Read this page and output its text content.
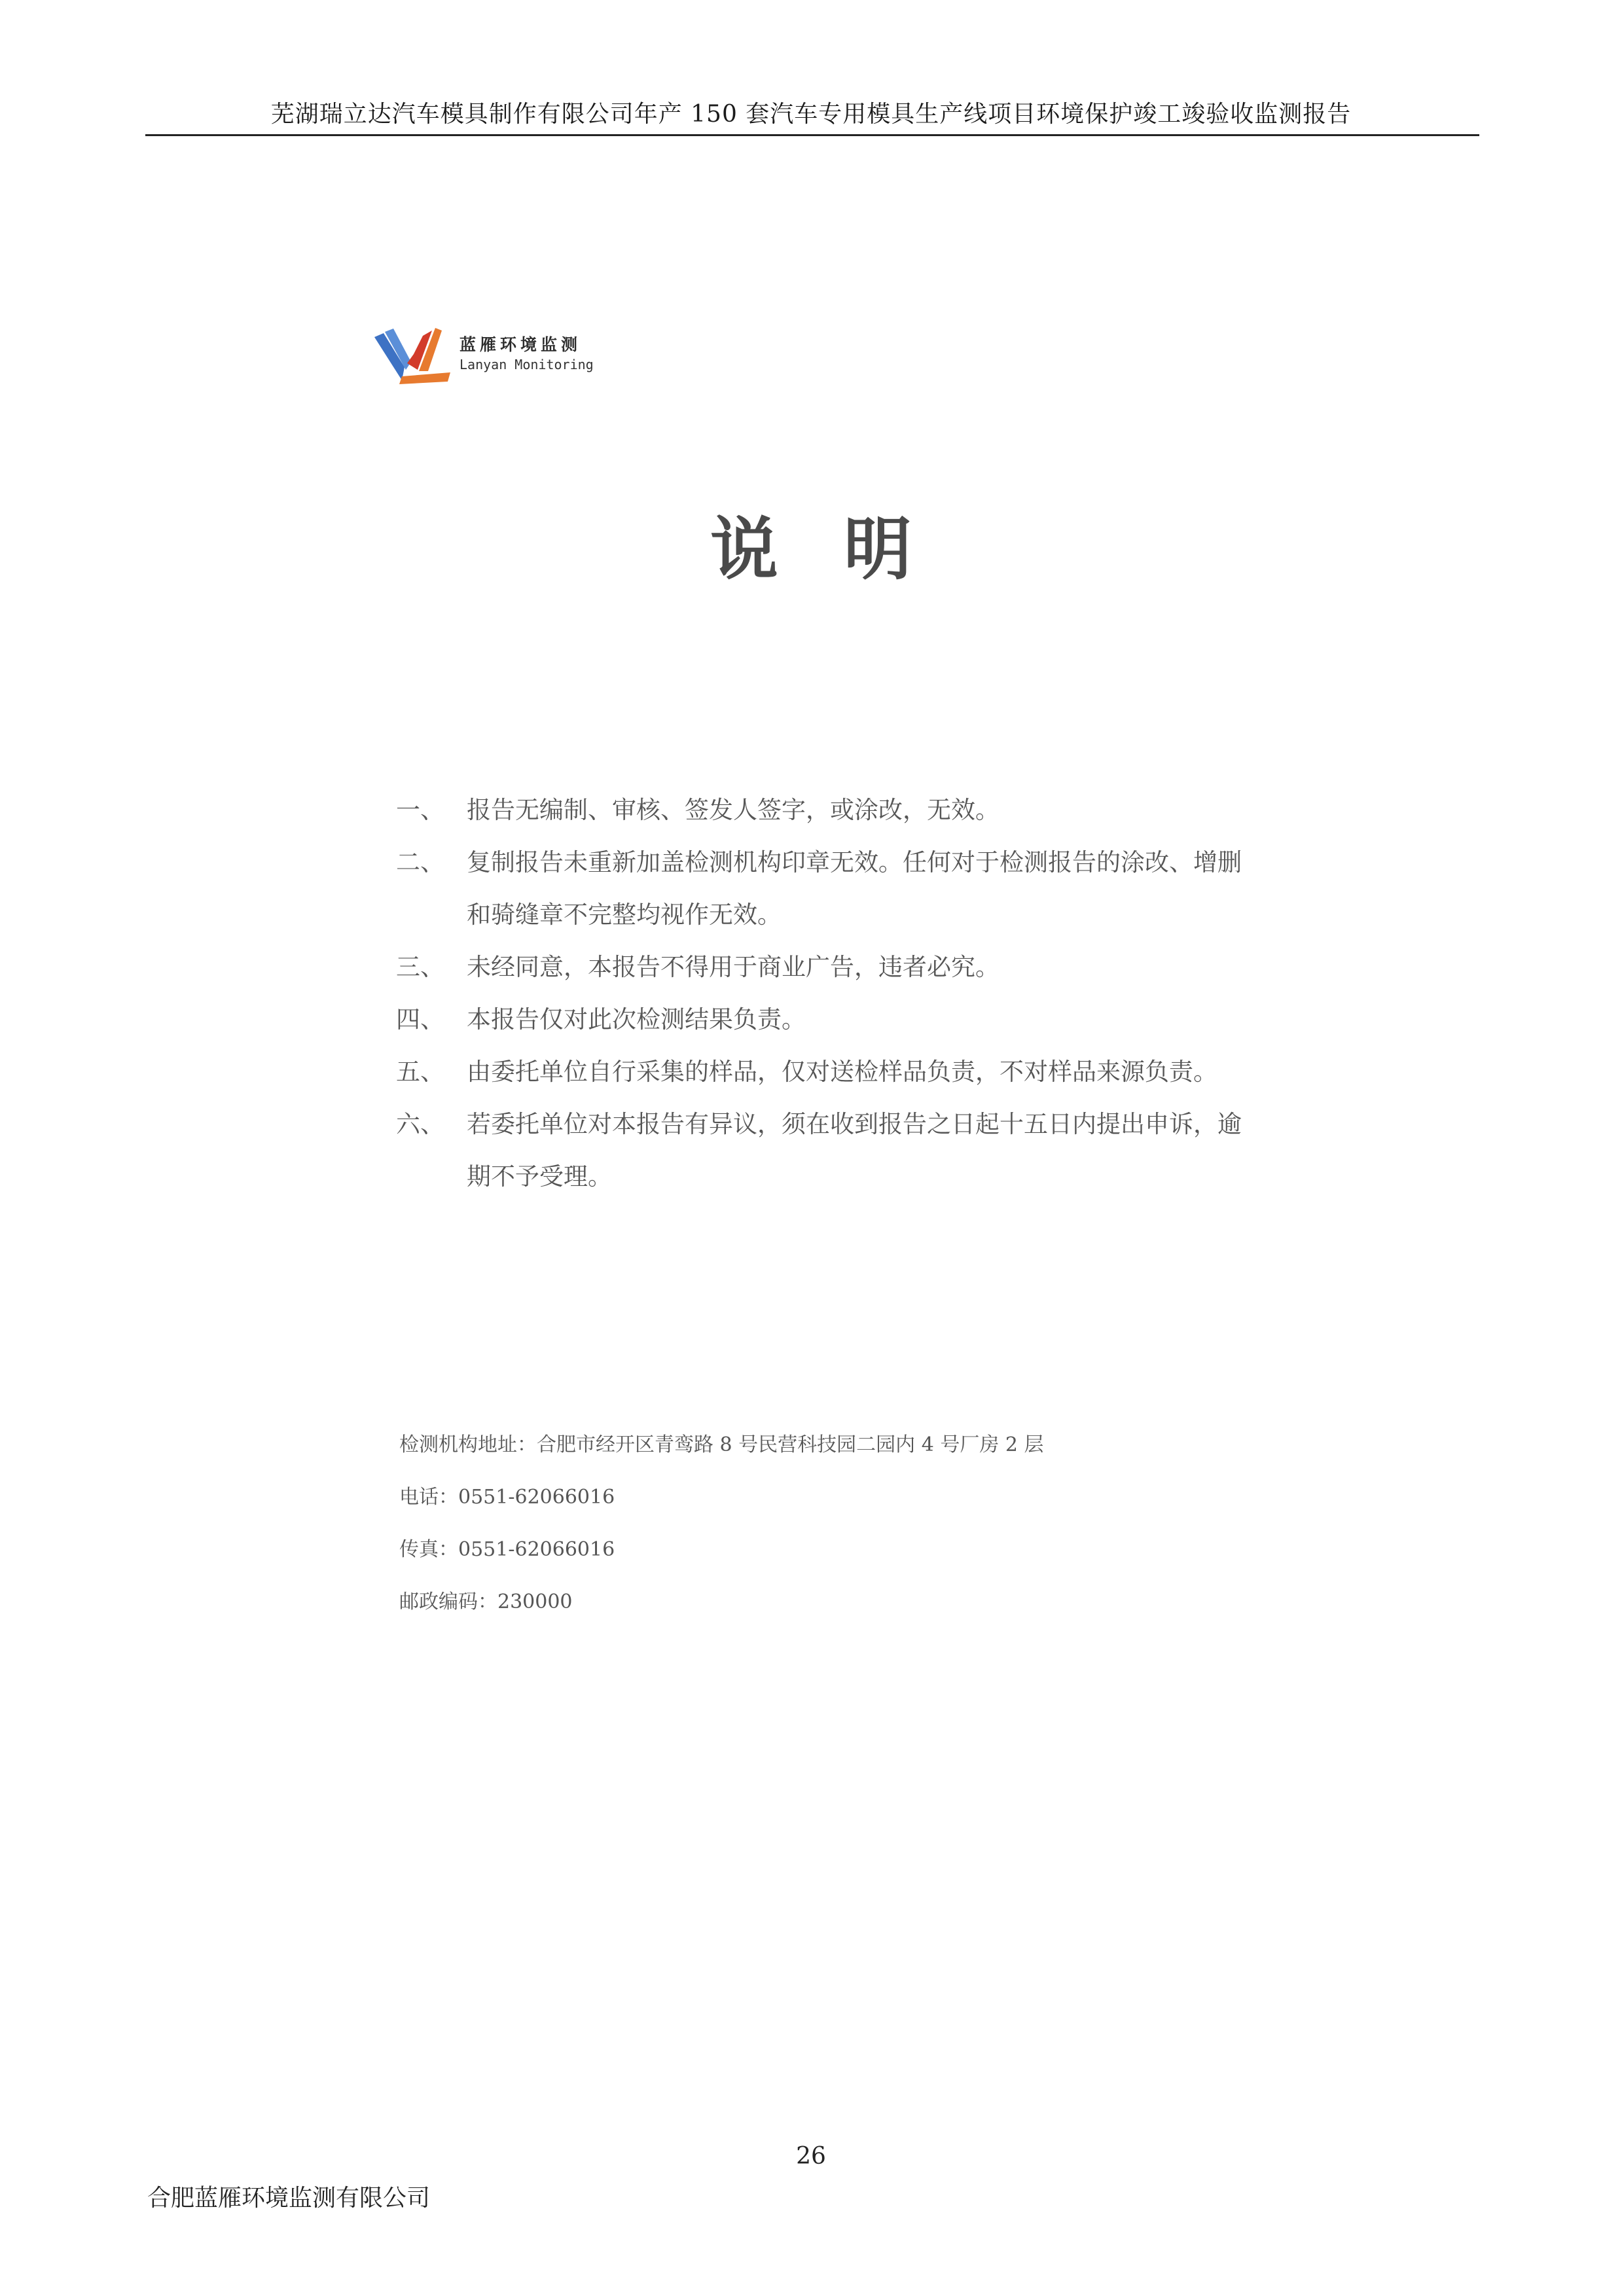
芜湖瑞立达汽车模具制作有限公司年产 150 套汽车专用模具生产线项目环境保护竣工竣验收监测报告
蓝雁环境监测
Lanyan Monitoring
说明
一、 报告无编制、审核、签发人签字，或涂改，无效。
二、 复制报告未重新加盖检测机构印章无效。任何对于检测报告的涂改、增删和骑缝章不完整均视作无效。
三、 未经同意，本报告不得用于商业广告，违者必究。
四、 本报告仅对此次检测结果负责。
五、 由委托单位自行采集的样品，仅对送检样品负责，不对样品来源负责。
六、 若委托单位对本报告有异议，须在收到报告之日起十五日内提出申诉，逾期不予受理。
检测机构地址：合肥市经开区青鸾路 8 号民营科技园二园内 4 号厂房 2 层
电话：0551-62066016
传真：0551-62066016
邮政编码：230000
26
合肥蓝雁环境监测有限公司
